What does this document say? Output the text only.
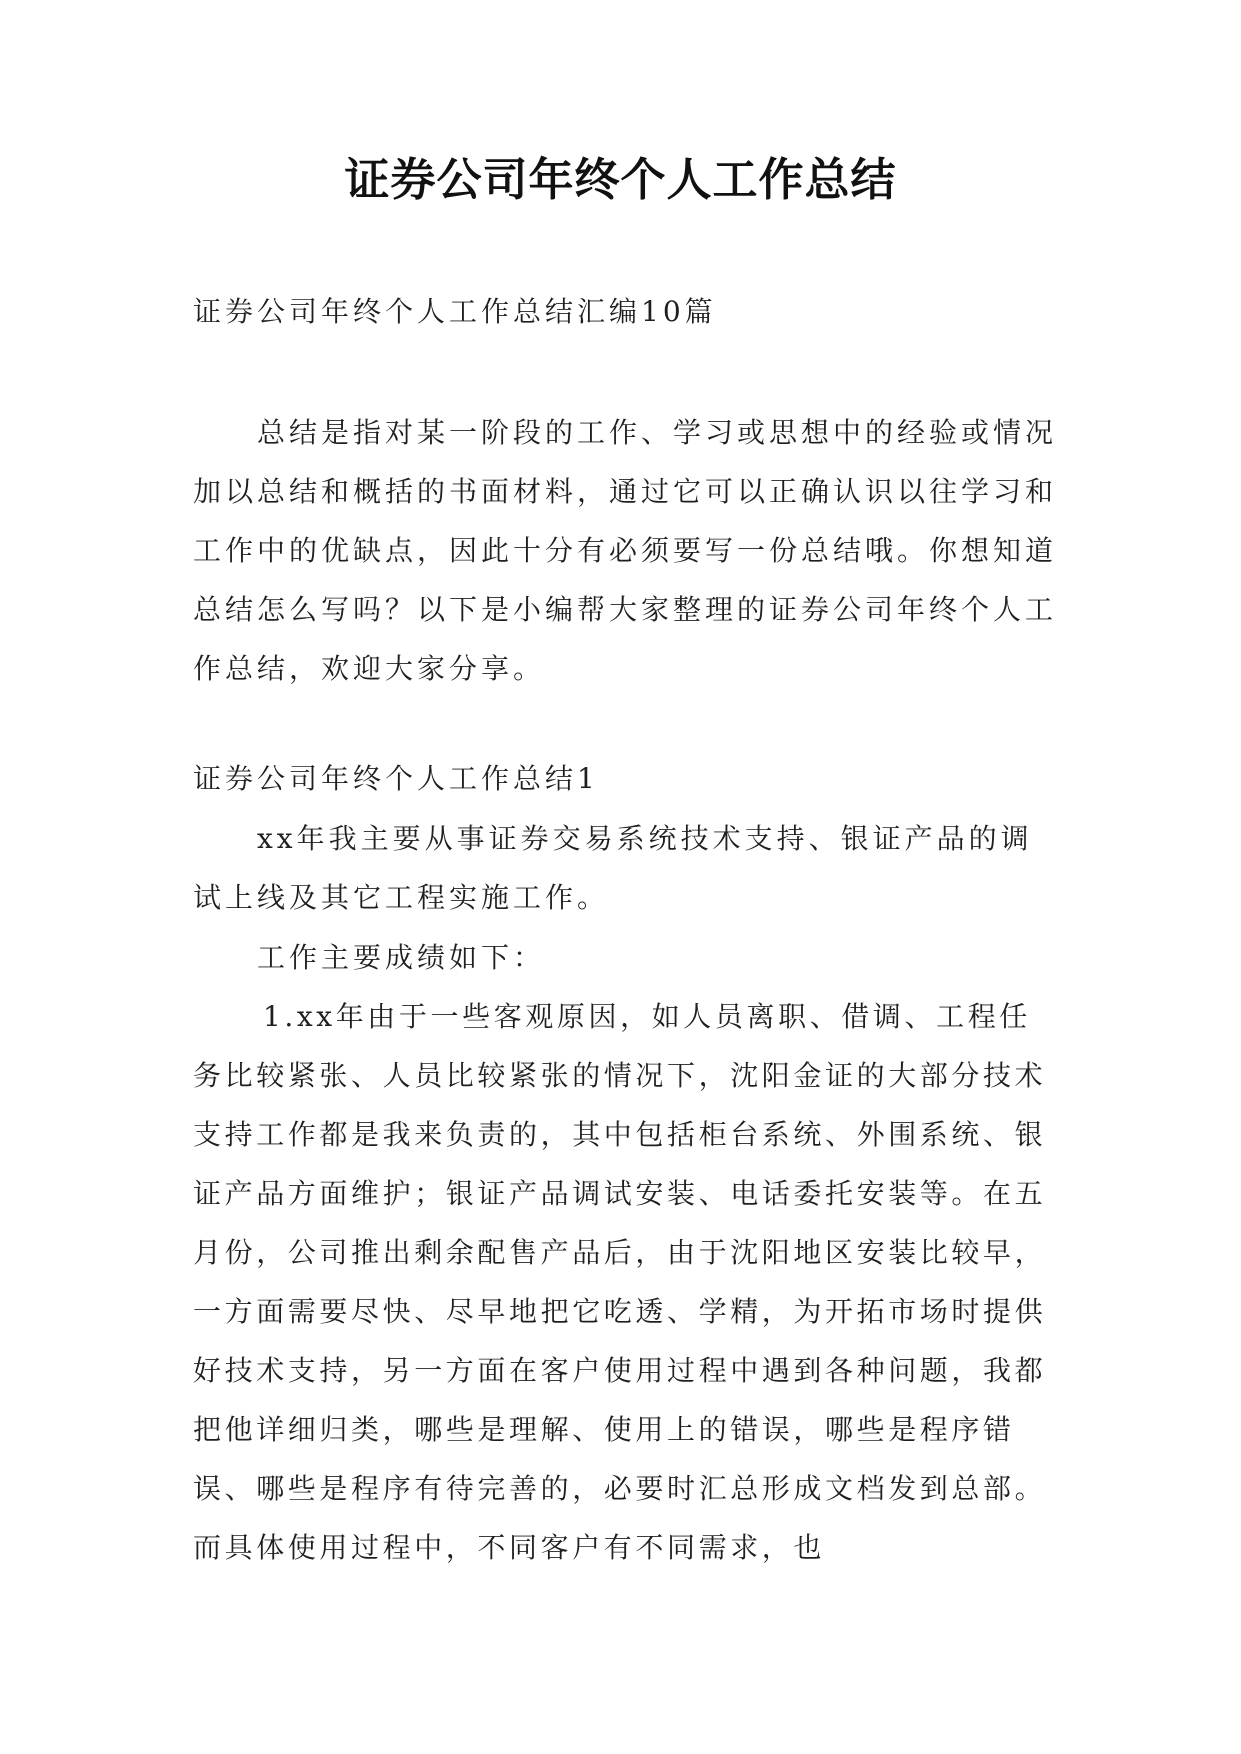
证券公司年终个人工作总结

证券公司年终个人工作总结汇编10篇

总结是指对某一阶段的工作、学习或思想中的经验或情况加以总结和概括的书面材料，通过它可以正确认识以往学习和工作中的优缺点，因此十分有必须要写一份总结哦。你想知道总结怎么写吗？以下是小编帮大家整理的证券公司年终个人工作总结，欢迎大家分享。

证券公司年终个人工作总结1

xx年我主要从事证券交易系统技术支持、银证产品的调试上线及其它工程实施工作。

工作主要成绩如下：

1.xx年由于一些客观原因，如人员离职、借调、工程任务比较紧张、人员比较紧张的情况下，沈阳金证的大部分技术支持工作都是我来负责的，其中包括柜台系统、外围系统、银证产品方面维护；银证产品调试安装、电话委托安装等。在五月份，公司推出剩余配售产品后，由于沈阳地区安装比较早，一方面需要尽快、尽早地把它吃透、学精，为开拓市场时提供好技术支持，另一方面在客户使用过程中遇到各种问题，我都把他详细归类，哪些是理解、使用上的错误，哪些是程序错误、哪些是程序有待完善的，必要时汇总形成文档发到总部。而具体使用过程中，不同客户有不同需求，也
